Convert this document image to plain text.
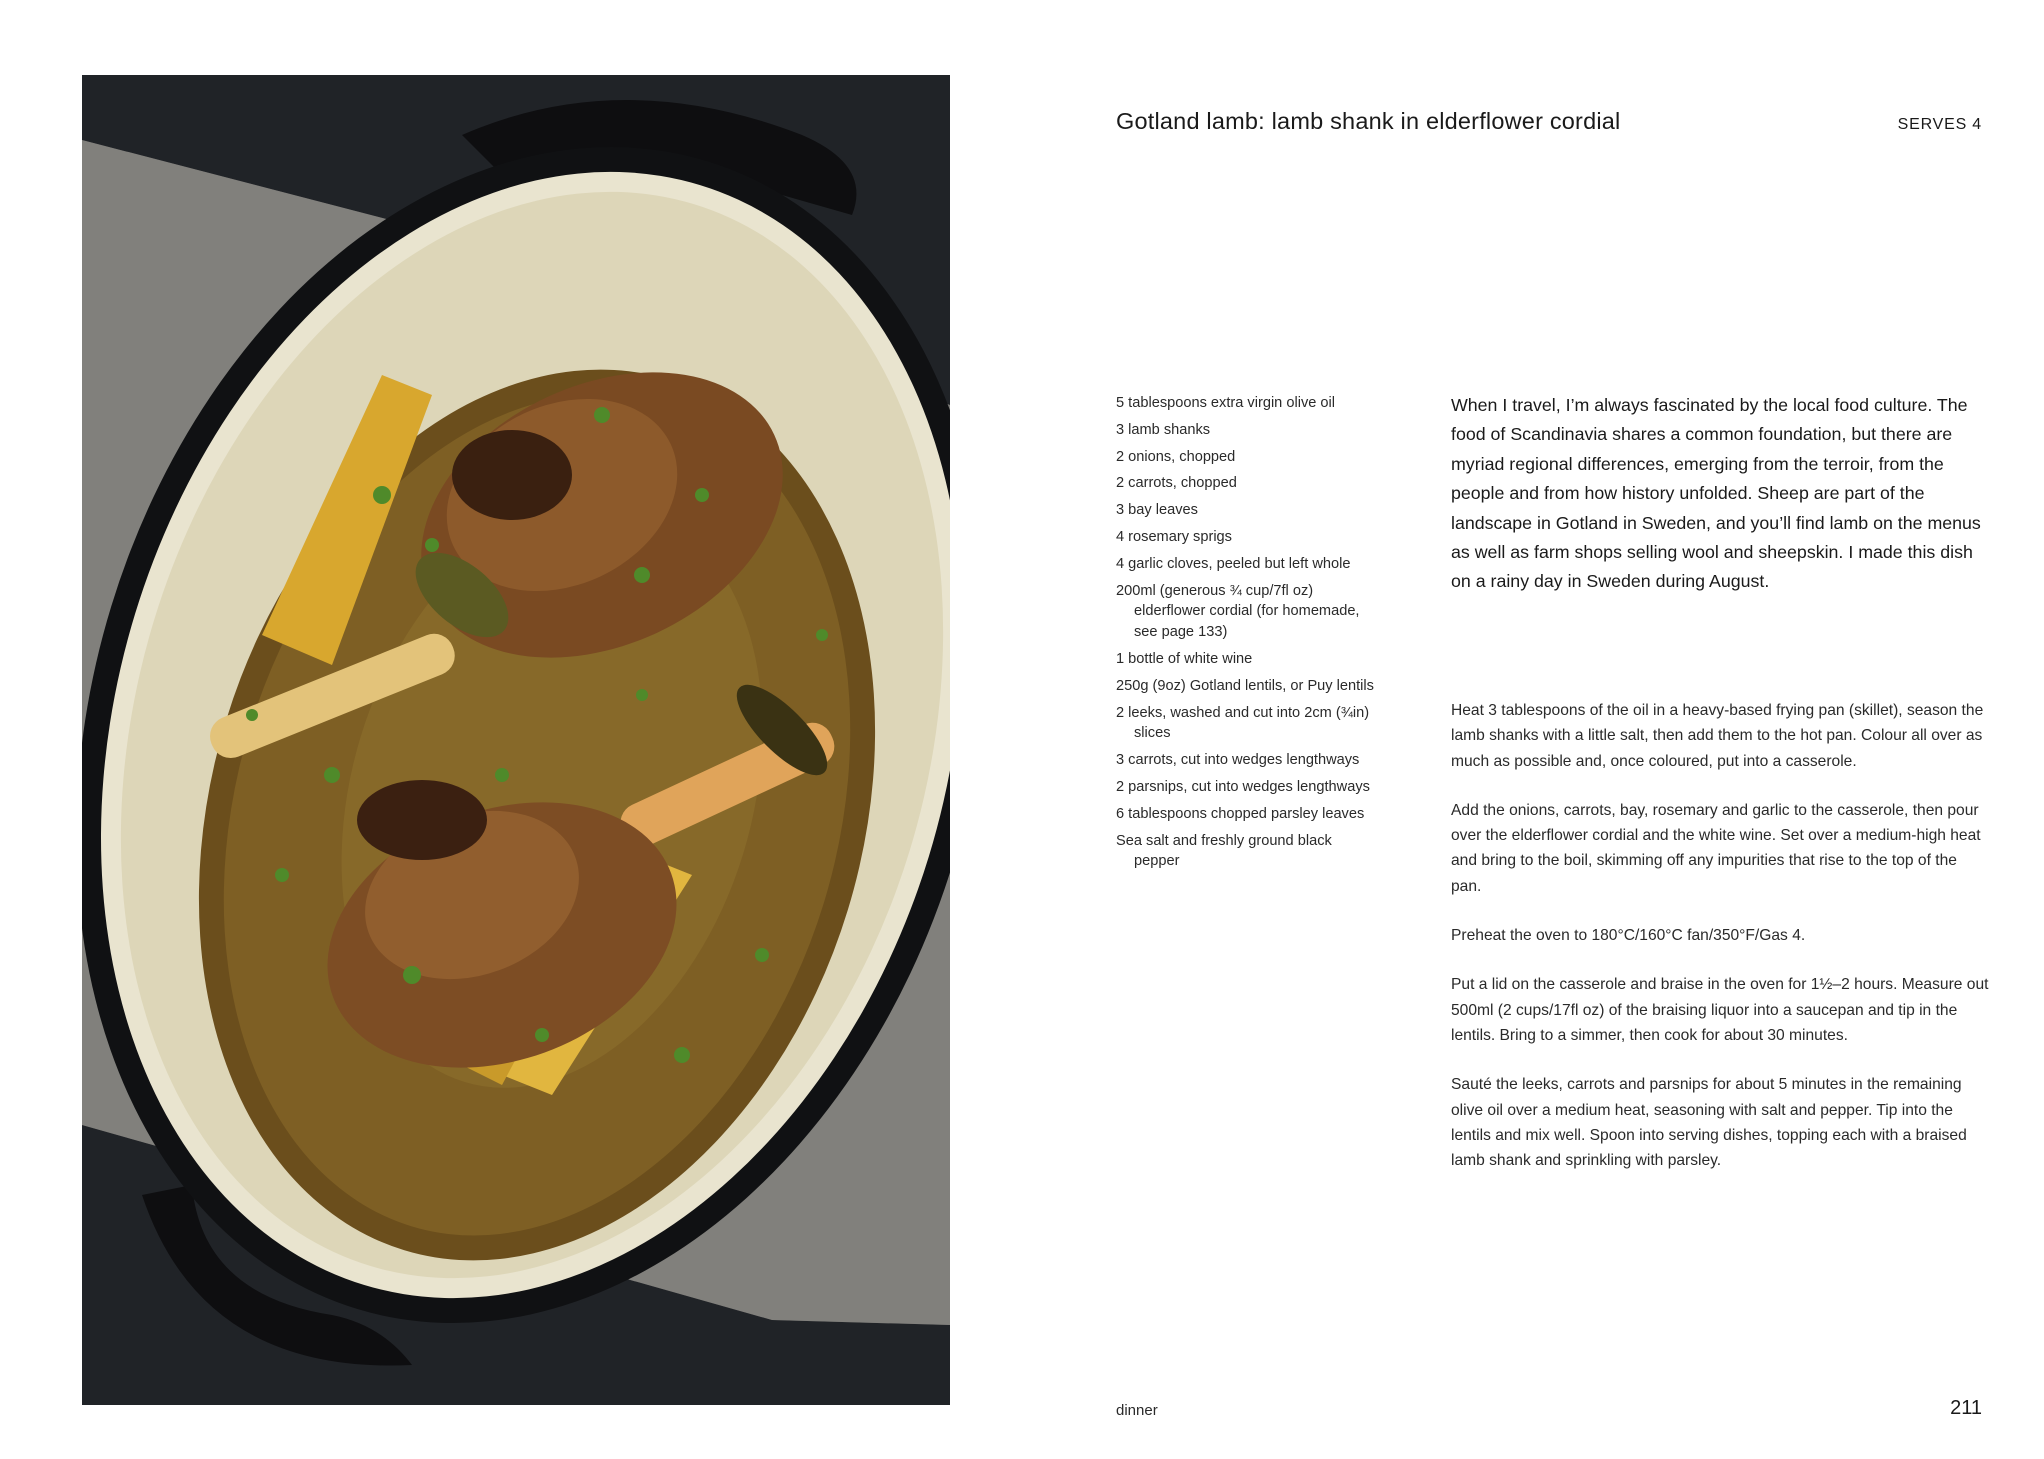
Gotland lamb: lamb shank in elderflower cordial	SERVES 4
5 tablespoons extra virgin olive oil
3 lamb shanks
2 onions, chopped
2 carrots, chopped
3 bay leaves
4 rosemary sprigs
4 garlic cloves, peeled but left whole
200ml (generous ¾ cup/7fl oz) elderflower cordial (for homemade, see page 133)
1 bottle of white wine
250g (9oz) Gotland lentils, or Puy lentils
2 leeks, washed and cut into 2cm (¾in) slices
3 carrots, cut into wedges lengthways
2 parsnips, cut into wedges lengthways
6 tablespoons chopped parsley leaves
Sea salt and freshly ground black pepper

When I travel, I’m always fascinated by the local food culture. The food of Scandinavia shares a common foundation, but there are myriad regional differences, emerging from the terroir, from the people and from how history unfolded. Sheep are part of the landscape in Gotland in Sweden, and you’ll find lamb on the menus as well as farm shops selling wool and sheepskin. I made this dish on a rainy day in Sweden during August.

Heat 3 tablespoons of the oil in a heavy-based frying pan (skillet), season the lamb shanks with a little salt, then add them to the hot pan. Colour all over as much as possible and, once coloured, put into a casserole.

Add the onions, carrots, bay, rosemary and garlic to the casserole, then pour over the elderflower cordial and the white wine. Set over a medium-high heat and bring to the boil, skimming off any impurities that rise to the top of the pan.

Preheat the oven to 180°C/160°C fan/350°F/Gas 4.

Put a lid on the casserole and braise in the oven for 1½–2 hours. Measure out 500ml (2 cups/17fl oz) of the braising liquor into a saucepan and tip in the lentils. Bring to a simmer, then cook for about 30 minutes.

Sauté the leeks, carrots and parsnips for about 5 minutes in the remaining olive oil over a medium heat, seasoning with salt and pepper. Tip into the lentils and mix well. Spoon into serving dishes, topping each with a braised lamb shank and sprinkling with parsley.

dinner	211
